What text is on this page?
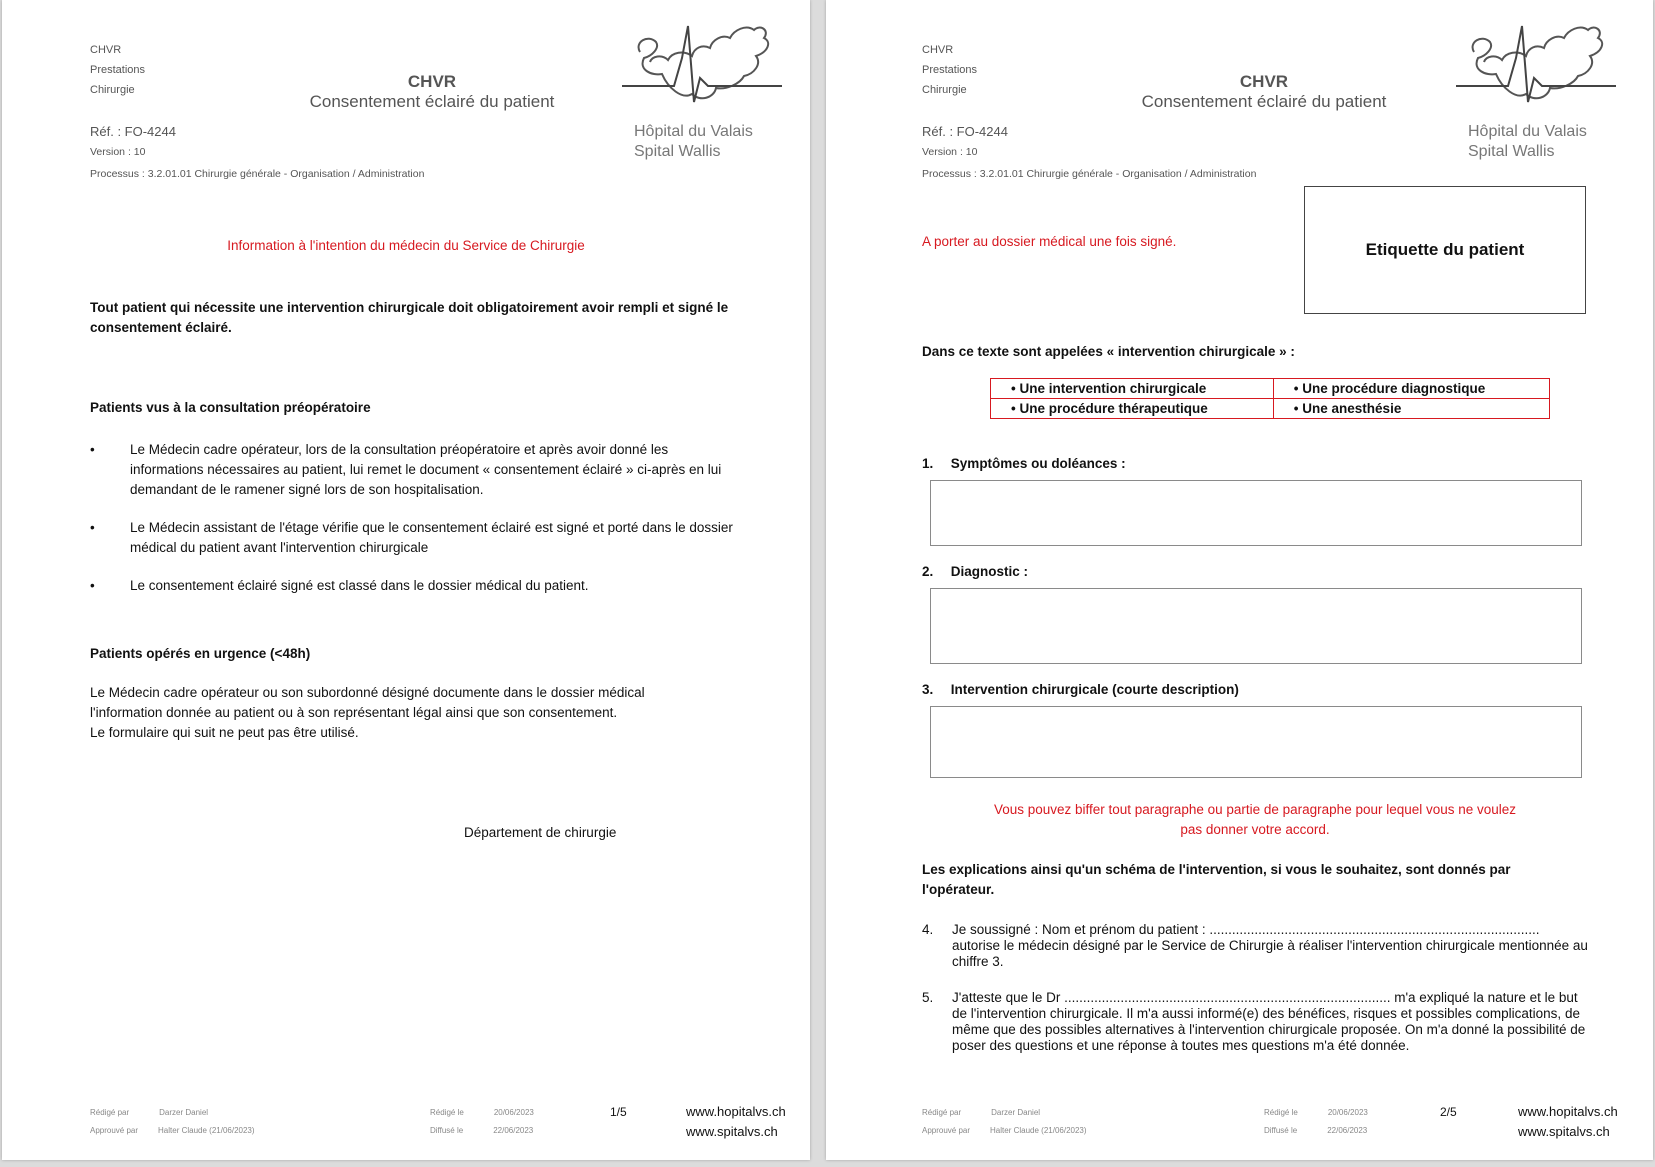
CHVR
Prestations
Chirurgie	CHVR
Consentement éclairé du patient
Réf. : FO-4244
Version : 10
Processus : 3.2.01.01 Chirurgie générale - Organisation / Administration
Hôpital du Valais
Spital Wallis
Information à l'intention du médecin du Service de Chirurgie
Tout patient qui nécessite une intervention chirurgicale doit obligatoirement avoir rempli et signé le consentement éclairé.
Patients vus à la consultation préopératoire
• Le Médecin cadre opérateur, lors de la consultation préopératoire et après avoir donné les informations nécessaires au patient, lui remet le document « consentement éclairé » ci-après en lui demandant de le ramener signé lors de son hospitalisation.
• Le Médecin assistant de l'étage vérifie que le consentement éclairé est signé et porté dans le dossier médical du patient avant l'intervention chirurgicale
• Le consentement éclairé signé est classé dans le dossier médical du patient.
Patients opérés en urgence (<48h)
Le Médecin cadre opérateur ou son subordonné désigné documente dans le dossier médical
l'information donnée au patient ou à son représentant légal ainsi que son consentement.
Le formulaire qui suit ne peut pas être utilisé.
Département de chirurgie
Rédigé par	Darzer Daniel
Approuvé par	Halter Claude (21/06/2023)
Rédigé le	20/06/2023
Diffusé le	22/06/2023
1/5	www.hopitalvs.ch
www.spitalvs.ch
CHVR
Prestations
Chirurgie	CHVR
Consentement éclairé du patient
Réf. : FO-4244
Version : 10
Processus : 3.2.01.01 Chirurgie générale - Organisation / Administration
Hôpital du Valais
Spital Wallis
A porter au dossier médical une fois signé.	Etiquette du patient
Dans ce texte sont appelées « intervention chirurgicale » :
• Une intervention chirurgicale	• Une procédure diagnostique
• Une procédure thérapeutique	• Une anesthésie
1. Symptômes ou doléances :
2. Diagnostic :
3. Intervention chirurgicale (courte description)
Vous pouvez biffer tout paragraphe ou partie de paragraphe pour lequel vous ne voulez
pas donner votre accord.
Les explications ainsi qu'un schéma de l'intervention, si vous le souhaitez, sont donnés par l'opérateur.
4.	Je soussigné : Nom et prénom du patient : ........................................................................................ autorise le médecin désigné par le Service de Chirurgie à réaliser l'intervention chirurgicale mentionnée au chiffre 3.
5.	J'atteste que le Dr ....................................................................................... m'a expliqué la nature et le but de l'intervention chirurgicale. Il m'a aussi informé(e) des bénéfices, risques et possibles complications, de même que des possibles alternatives à l'intervention chirurgicale proposée. On m'a donné la possibilité de poser des questions et une réponse à toutes mes questions m'a été donnée.
Rédigé par	Darzer Daniel
Approuvé par	Halter Claude (21/06/2023)
Rédigé le	20/06/2023
Diffusé le	22/06/2023
2/5	www.hopitalvs.ch
www.spitalvs.ch
